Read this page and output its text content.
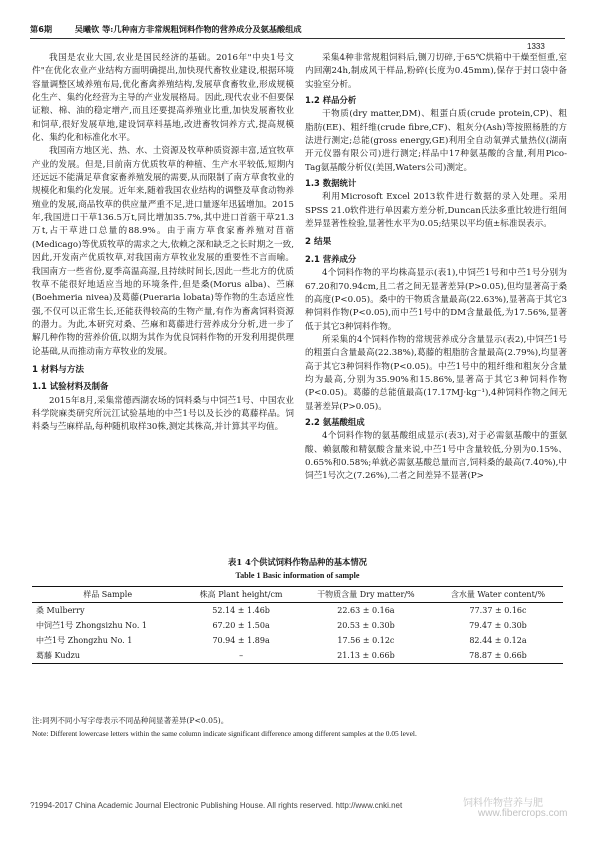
第6期	吴曦钦 等:几种南方非常规粗饲料作物的营养成分及氨基酸组成
1333

我国是农业大国,农业是国民经济的基础。2016年"中央1号文件"在优化农业产业结构方面明确提出,加快现代畜牧业建设,根据环境容量调整区域养殖布局,优化畜禽养殖结构,发展草食畜牧业,形成规模化生产、集约化经营为主导的产业发展格局。因此,现代农业不但要保证粮、棉、油的稳定增产,而且还要提高养殖业比重,加快发展畜牧业和饲草,很好发展草地,建设饲草料基地,改进畜牧饲养方式,提高规模化、集约化和标准化水平。

我国南方地区光、热、水、土资源及牧草种质资源丰富,适宜牧草产业的发展。但是,目前南方优质牧草的种植、生产水平较低,短期内还远远不能满足草食家畜养殖发展的需要,从而限制了南方草食牧业的规模化和集约化发展。近年来,随着我国农业结构的调整及草食动物养殖业的发展,商品牧草的供应量严重不足,进口量逐年迅猛增加。2015年,我国进口干草136.5万t,同比增加35.7%,其中进口首蓿干草21.3万t,占干草进口总量的88.9%。由于南方草食家畜养殖对苜蓿(Medicago)等优质牧草的需求之大,依赖之深和缺乏之长时期之一致,因此,开发南产优质牧草,对我国南方草牧业发展的重要性不言而喻。我国南方一些省份,夏季高温高湿,且持续时间长,因此一些北方的优质牧草不能很好地适应当地的环境条件,但是桑(Morus alba)、苎麻(Boehmeria nivea)及葛藤(Pueraria lobata)等作物的生态适应性强,不仅可以正常生长,还能获得较高的生物产量,有作为畜禽饲料资源的潜力。为此,本研究对桑、苎麻和葛藤进行营养成分分析,进一步了解几种作物的营养价值,以期为其作为优良饲料作物的开发利用提供理论基础,从而推动南方草牧业的发展。

1 材料与方法
1.1 试验材料及制备

2015年8月,采集常德西湖农场的饲料桑与中饲苎1号、中国农业科学院麻类研究所沅江试验基地的中苎1号以及长沙的葛藤样品。饲料桑与苎麻样品,每种随机取样30株,测定其株高,并计算其平均值。

采集4种非常规粗饲料后,铡刀切碎,于65℃烘箱中干燥至恒重,室内回潮24h,制成风干样品,粉碎(长度为0.45mm),保存于封口袋中备实验室分析。

1.2 样品分析

干物质(dry matter,DM)、粗蛋白质(crude protein,CP)、粗脂肪(EE)、粗纤维(crude fibre,CF)、粗灰分(Ash)等按照杨胜的方法进行测定;总能(gross energy,GE)利用全自动氧弹式量热仪(湖南开元仪器有限公司)进行测定;样品中17种氨基酸的含量,利用Pico-Tag氨基酸分析仪(美国,Waters公司)测定。

1.3 数据统计

利用Microsoft Excel 2013软件进行数据的录入处理。采用SPSS 21.0软件进行单因素方差分析,Duncan氏法多重比较进行组间差异显著性检验,显著性水平为0.05;结果以平均值±标准误表示。

2 结果
2.1 营养成分

4个饲料作物的平均株高显示(表1),中饲苎1号和中苎1号分别为67.20和70.94cm,且二者之间无显著差异(P>0.05),但均显著高于桑的高度(P<0.05)。桑中的干物质含量最高(22.63%),显著高于其它3种饲料作物(P<0.05),而中苎1号中的DM含量最低,为17.56%,显著低于其它3种饲料作物。

所采集的4个饲料作物的常规营养成分含量显示(表2),中饲苎1号的粗蛋白含量最高(22.38%),葛藤的粗脂肪含量最高(2.79%),均显著高于其它3种饲料作物(P<0.05)。中苎1号中的粗纤维和粗灰分含量均为最高,分别为35.90%和15.86%,显著高于其它3种饲料作物(P<0.05)。葛藤的总能值最高(17.17MJ·kg⁻¹),4种饲料作物之间无显著差异(P>0.05)。

2.2 氨基酸组成

4个饲料作物的氨基酸组成显示(表3),对于必需氨基酸中的蛋氨酸、赖氨酸和精氨酸含量来说,中苎1号中含量较低,分别为0.15%、0.65%和0.58%;单就必需氨基酸总量而言,饲料桑的最高(7.40%),中饲苎1号次之(7.26%),二者之间差异不显著(P>

表1 4个供试饲料作物品种的基本情况
Table 1 Basic information of sample
样品 Sample	株高 Plant height/cm	干物质含量 Dry matter/%	含水量 Water content/%
桑 Mulberry	52.14 ± 1.46b	22.63 ± 0.16a	77.37 ± 0.16c
中饲苎1号 Zhongsizhu No. 1	67.20 ± 1.50a	20.53 ± 0.30b	79.47 ± 0.30b
中苎1号 Zhongzhu No. 1	70.94 ± 1.89a	17.56 ± 0.12c	82.44 ± 0.12a
葛藤 Kudzu	–	21.13 ± 0.66b	78.87 ± 0.66b
注:同列不同小写字母表示不同品种间显著差异(P<0.05)。
Note: Different lowercase letters within the same column indicate significant difference among different samples at the 0.05 level.
?1994-2017 China Academic Journal Electronic Publishing House. All rights reserved. http://www.cnki.net	饲料作物营养与肥
www.fibercrops.com
